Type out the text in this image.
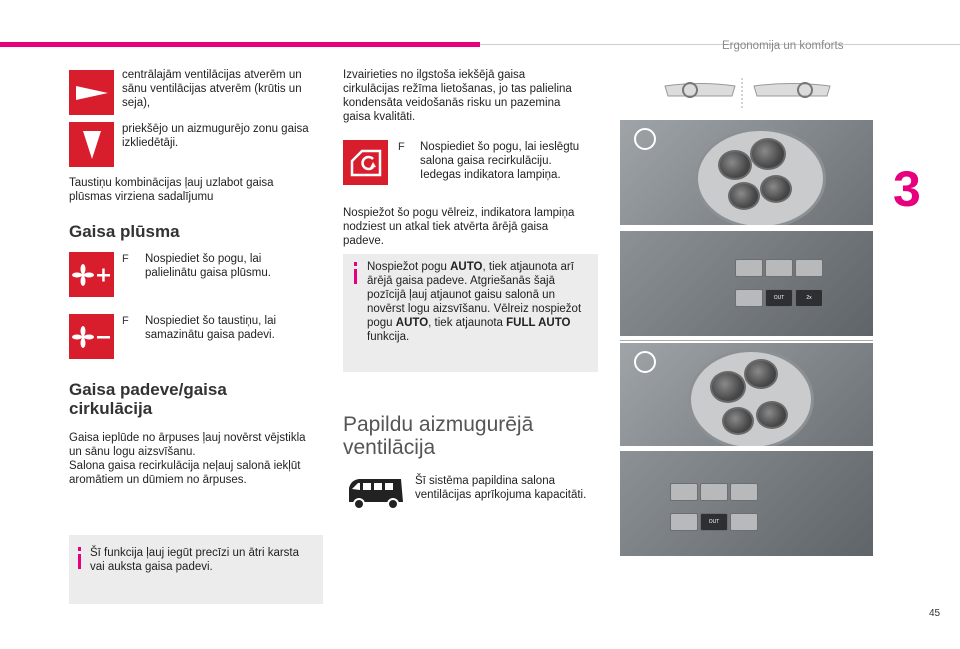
Ergonomija un komforts
3
45
centrālajām ventilācijas atverēm un sānu ventilācijas atverēm (krūtis un seja),
priekšējo un aizmugurējo zonu gaisa izkliedētāji.
Taustiņu kombinācijas ļauj uzlabot gaisa plūsmas virziena sadalījumu
Gaisa plūsma
F Nospiediet šo pogu, lai palielinātu gaisa plūsmu.
F Nospiediet šo taustiņu, lai samazinātu gaisa padevi.
Gaisa padeve/gaisa
cirkulācija
Gaisa ieplūde no ārpuses ļauj novērst vējstikla un sānu logu aizsvīšanu.
Salona gaisa recirkulācija neļauj salonā iekļūt aromātiem un dūmiem no ārpuses.
Šī funkcija ļauj iegūt precīzi un ātri karsta vai auksta gaisa padevi.
Izvairieties no ilgstoša iekšējā gaisa cirkulācijas režīma lietošanas, jo tas palielina kondensāta veidošanās risku un pazemina gaisa kvalitāti.
F Nospiediet šo pogu, lai ieslēgtu salona gaisa recirkulāciju. Iedegas indikatora lampiņa.
Nospiežot šo pogu vēlreiz, indikatora lampiņa nodziest un atkal tiek atvērta ārējā gaisa padeve.
Nospiežot pogu AUTO, tiek atjaunota arī ārējā gaisa padeve. Atgriešanās šajā pozīcijā ļauj atjaunot gaisu salonā un novērst logu aizsvīšanu. Vēlreiz nospiežot pogu AUTO, tiek atjaunota FULL AUTO funkcija.
Papildu aizmugurējā
ventilācija
Šī sistēma papildina salona ventilācijas aprīkojuma kapacitāti.
OUT	2x
OUT
